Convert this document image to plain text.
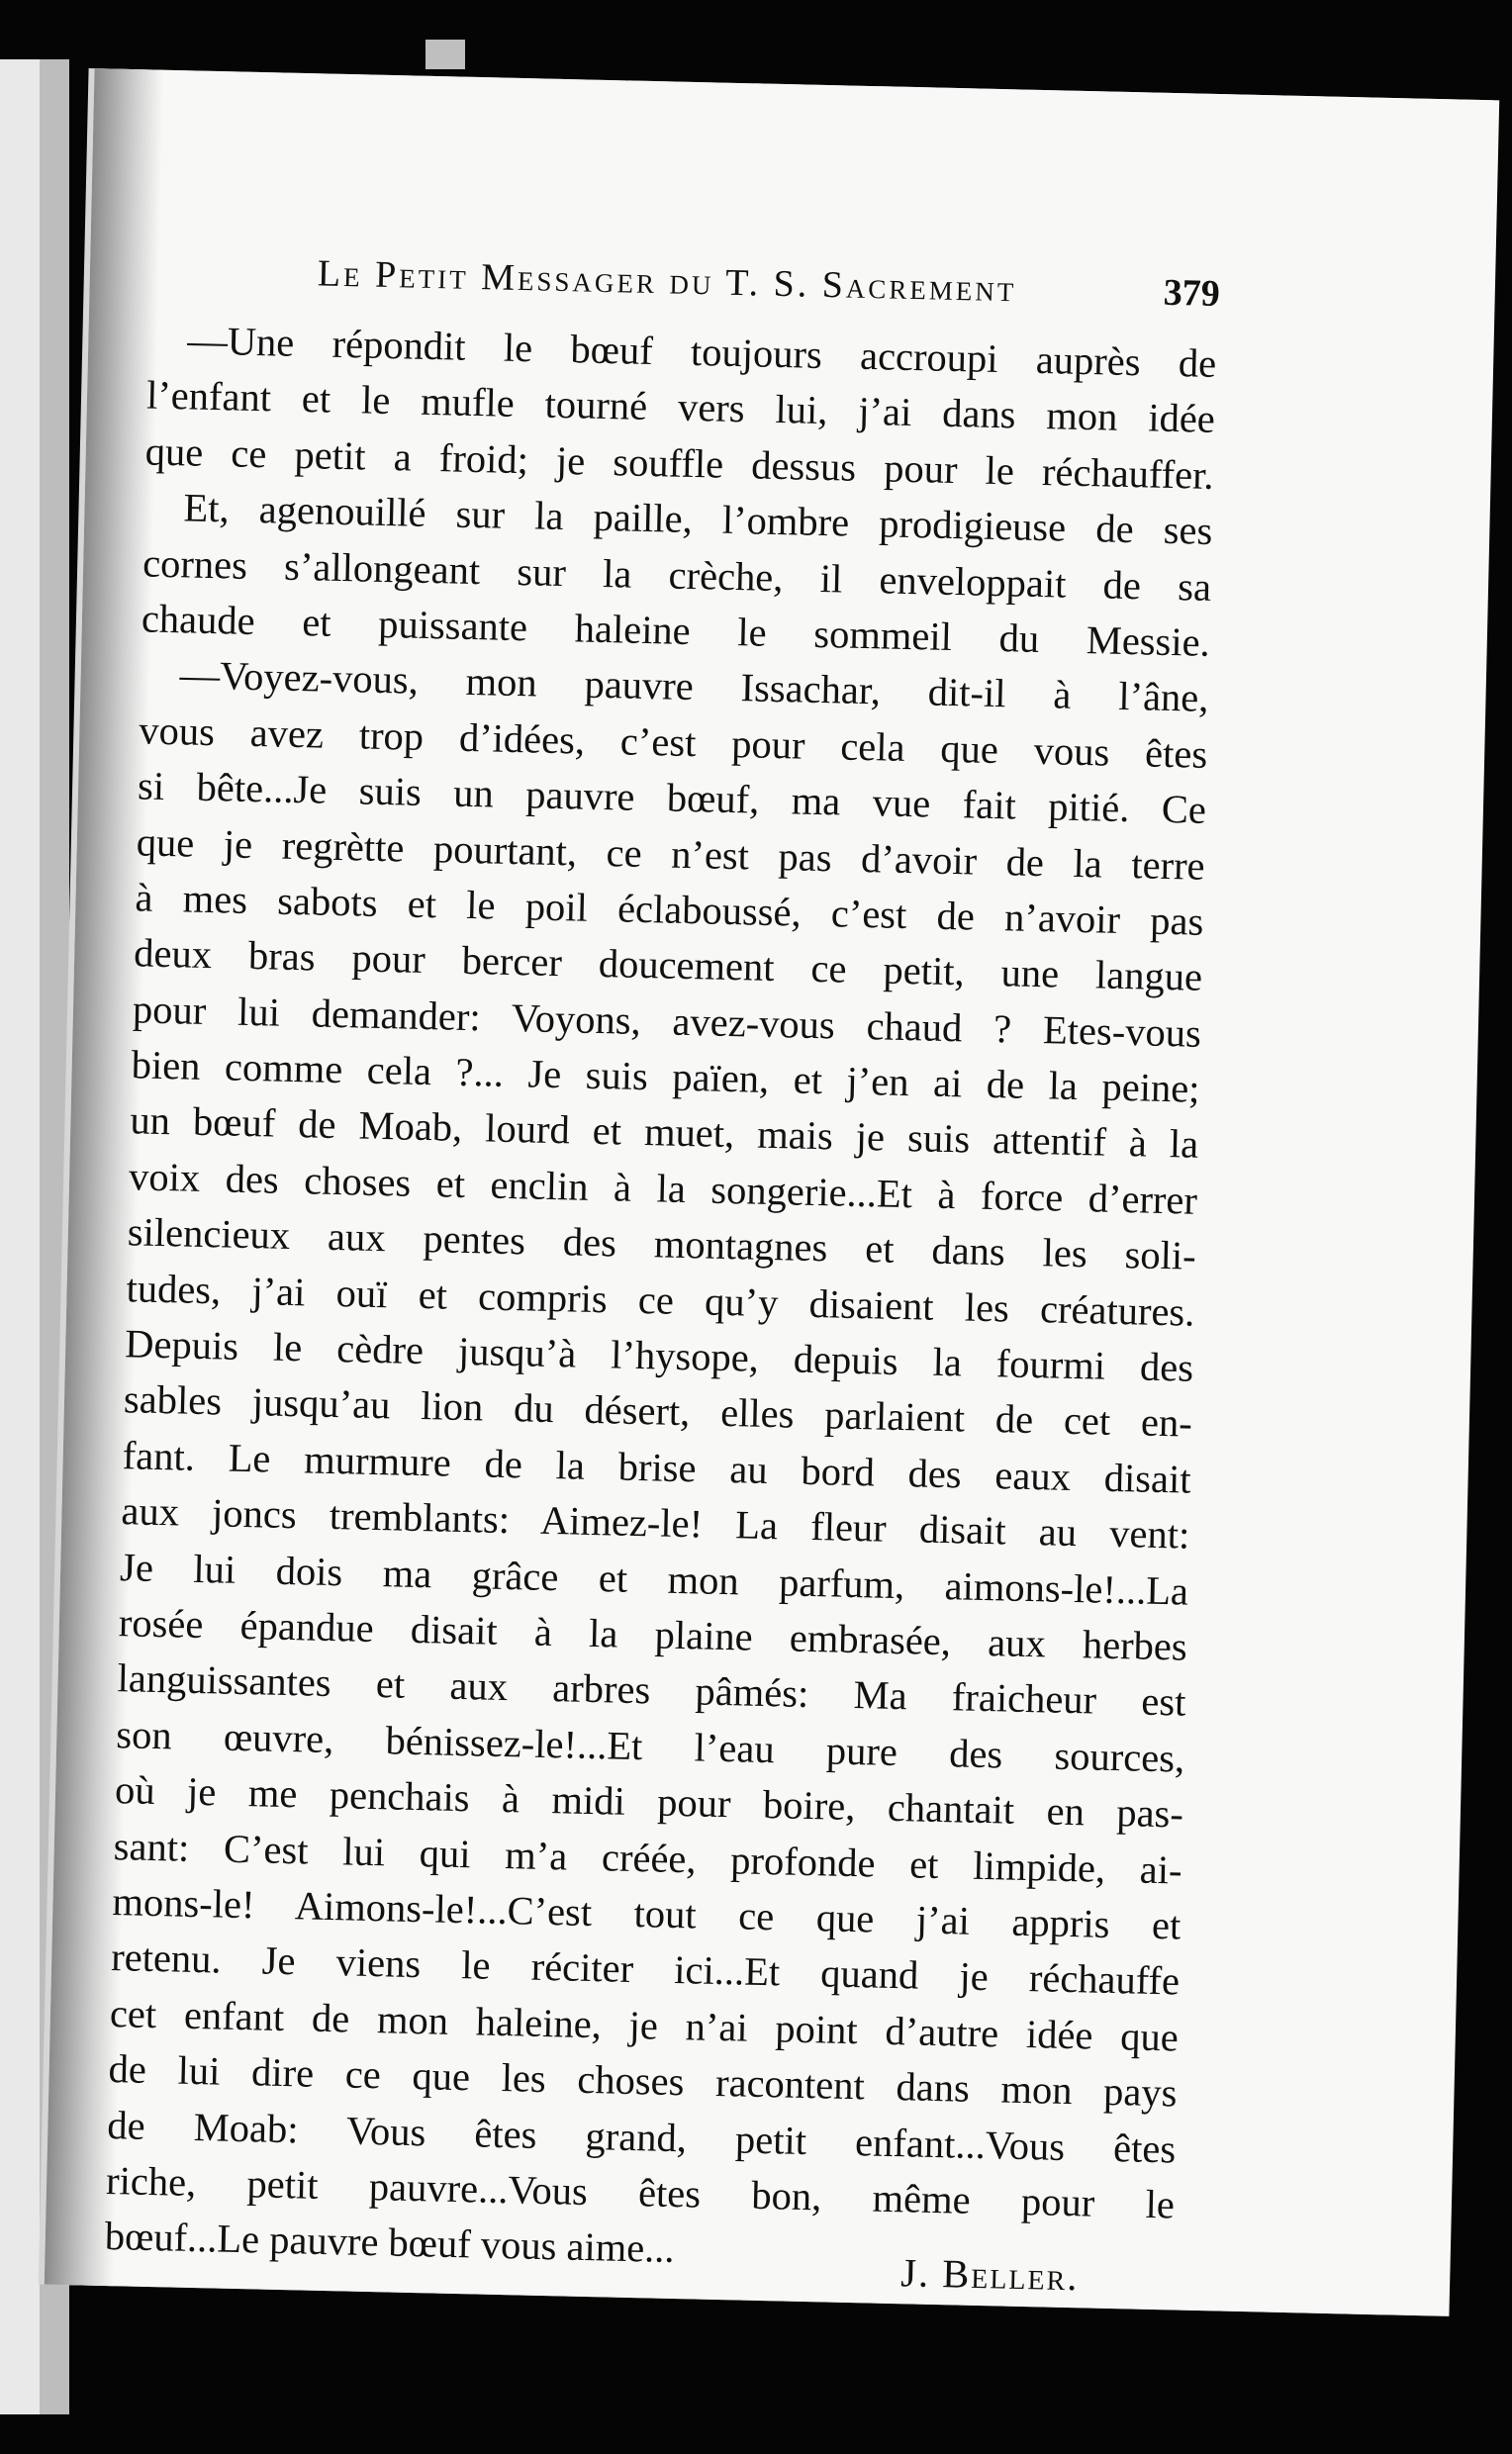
Le Petit Messager du T. S. Sacrement	379
—Une répondit le bœuf toujours accroupi auprès de
l’enfant et le mufle tourné vers lui, j’ai dans mon idée
que ce petit a froid; je souffle dessus pour le réchauffer.
Et, agenouillé sur la paille, l’ombre prodigieuse de ses
cornes s’allongeant sur la crèche, il enveloppait de sa
chaude et puissante haleine le sommeil du Messie.
—Voyez-vous, mon pauvre Issachar, dit-il à l’âne,
vous avez trop d’idées, c’est pour cela que vous êtes
si bête...Je suis un pauvre bœuf, ma vue fait pitié. Ce
que je regrètte pourtant, ce n’est pas d’avoir de la terre
à mes sabots et le poil éclaboussé, c’est de n’avoir pas
deux bras pour bercer doucement ce petit, une langue
pour lui demander: Voyons, avez-vous chaud ? Etes-vous
bien comme cela ?... Je suis païen, et j’en ai de la peine;
un bœuf de Moab, lourd et muet, mais je suis attentif à la
voix des choses et enclin à la songerie...Et à force d’errer
silencieux aux pentes des montagnes et dans les soli-
tudes, j’ai ouï et compris ce qu’y disaient les créatures.
Depuis le cèdre jusqu’à l’hysope, depuis la fourmi des
sables jusqu’au lion du désert, elles parlaient de cet en-
fant. Le murmure de la brise au bord des eaux disait
aux joncs tremblants: Aimez-le! La fleur disait au vent:
Je lui dois ma grâce et mon parfum, aimons-le!...La
rosée épandue disait à la plaine embrasée, aux herbes
languissantes et aux arbres pâmés: Ma fraicheur est
son œuvre, bénissez-le!...Et l’eau pure des sources,
où je me penchais à midi pour boire, chantait en pas-
sant: C’est lui qui m’a créée, profonde et limpide, ai-
mons-le! Aimons-le!...C’est tout ce que j’ai appris et
retenu. Je viens le réciter ici...Et quand je réchauffe
cet enfant de mon haleine, je n’ai point d’autre idée que
de lui dire ce que les choses racontent dans mon pays
de Moab: Vous êtes grand, petit enfant...Vous êtes
riche, petit pauvre...Vous êtes bon, même pour le
bœuf...Le pauvre bœuf vous aime...
J. Beller.
